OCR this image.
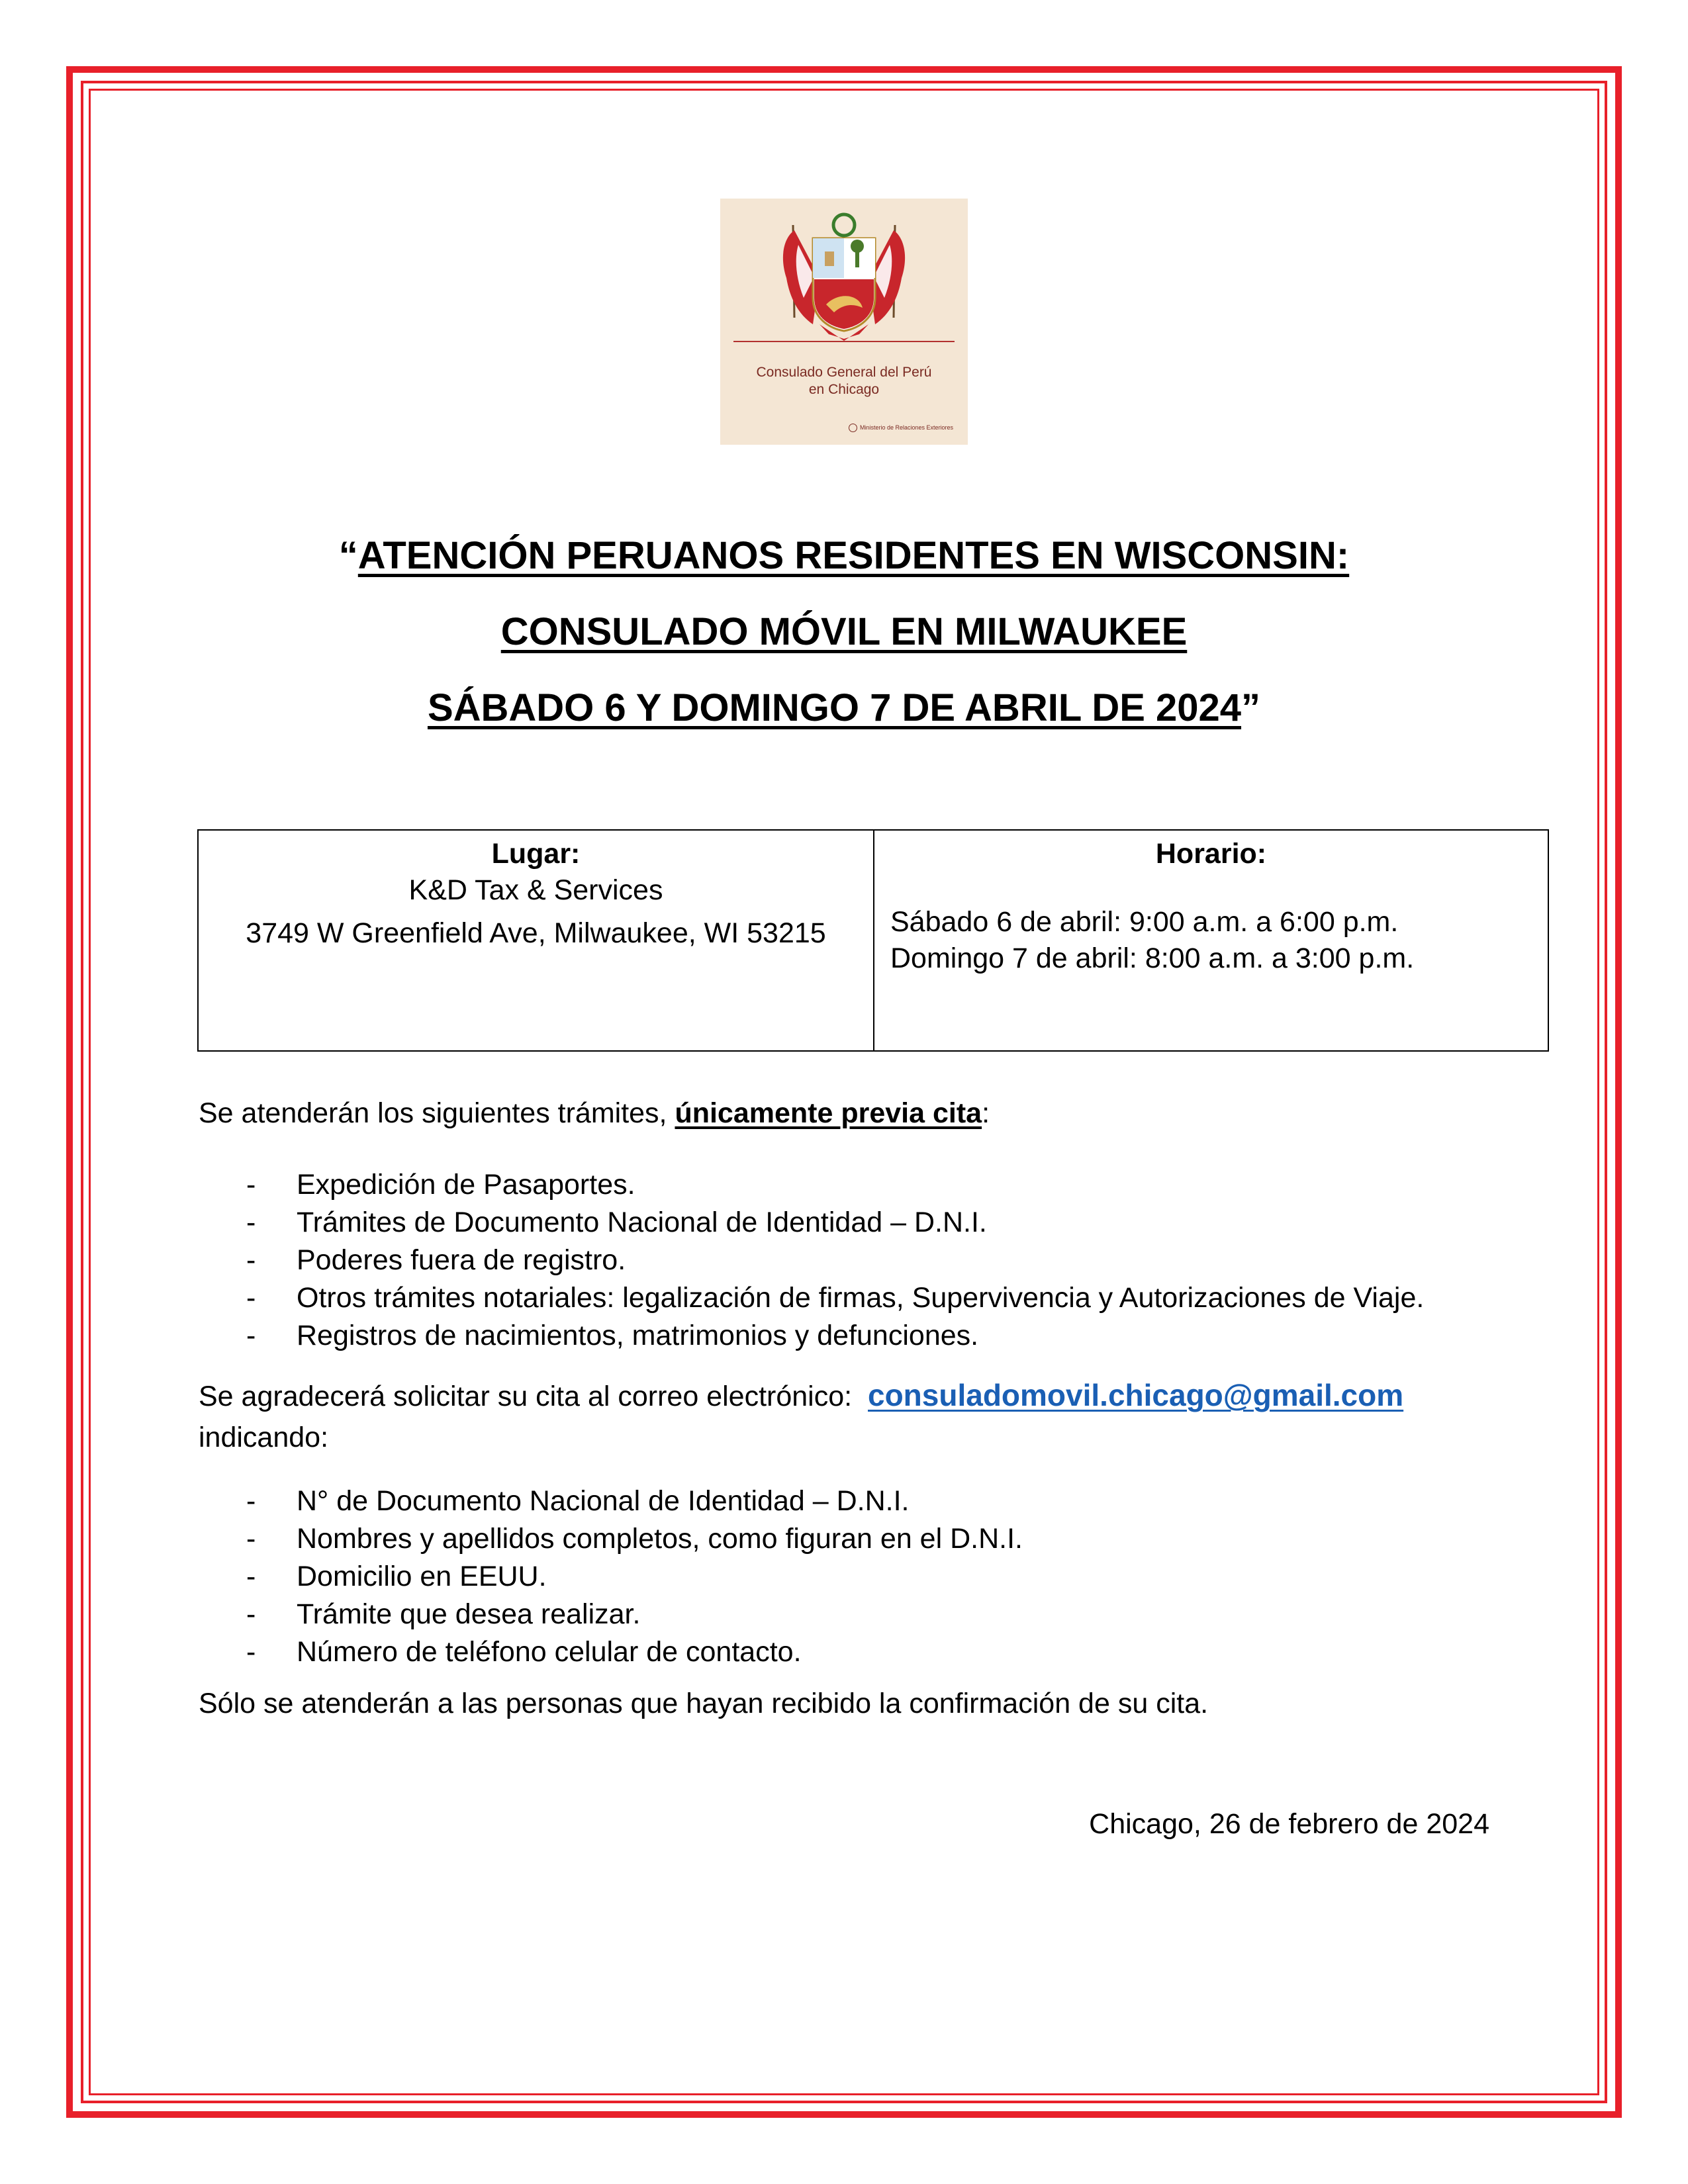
Consulado General del Perú
en Chicago
Ministerio de Relaciones Exteriores
“ATENCIÓN PERUANOS RESIDENTES EN WISCONSIN:
CONSULADO MÓVIL EN MILWAUKEE
SÁBADO 6 Y DOMINGO 7 DE ABRIL DE 2024”
Lugar:
K&D Tax & Services
3749 W Greenfield Ave, Milwaukee, WI 53215
Horario:
Sábado 6 de abril: 9:00 a.m. a 6:00 p.m.
Domingo 7 de abril: 8:00 a.m. a 3:00 p.m.
Se atenderán los siguientes trámites, únicamente previa cita:
- Expedición de Pasaportes.
- Trámites de Documento Nacional de Identidad – D.N.I.
- Poderes fuera de registro.
- Otros trámites notariales: legalización de firmas, Supervivencia y Autorizaciones de Viaje.
- Registros de nacimientos, matrimonios y defunciones.
Se agradecerá solicitar su cita al correo electrónico: consuladomovil.chicago@gmail.com
indicando:
- N° de Documento Nacional de Identidad – D.N.I.
- Nombres y apellidos completos, como figuran en el D.N.I.
- Domicilio en EEUU.
- Trámite que desea realizar.
- Número de teléfono celular de contacto.
Sólo se atenderán a las personas que hayan recibido la confirmación de su cita.
Chicago, 26 de febrero de 2024
